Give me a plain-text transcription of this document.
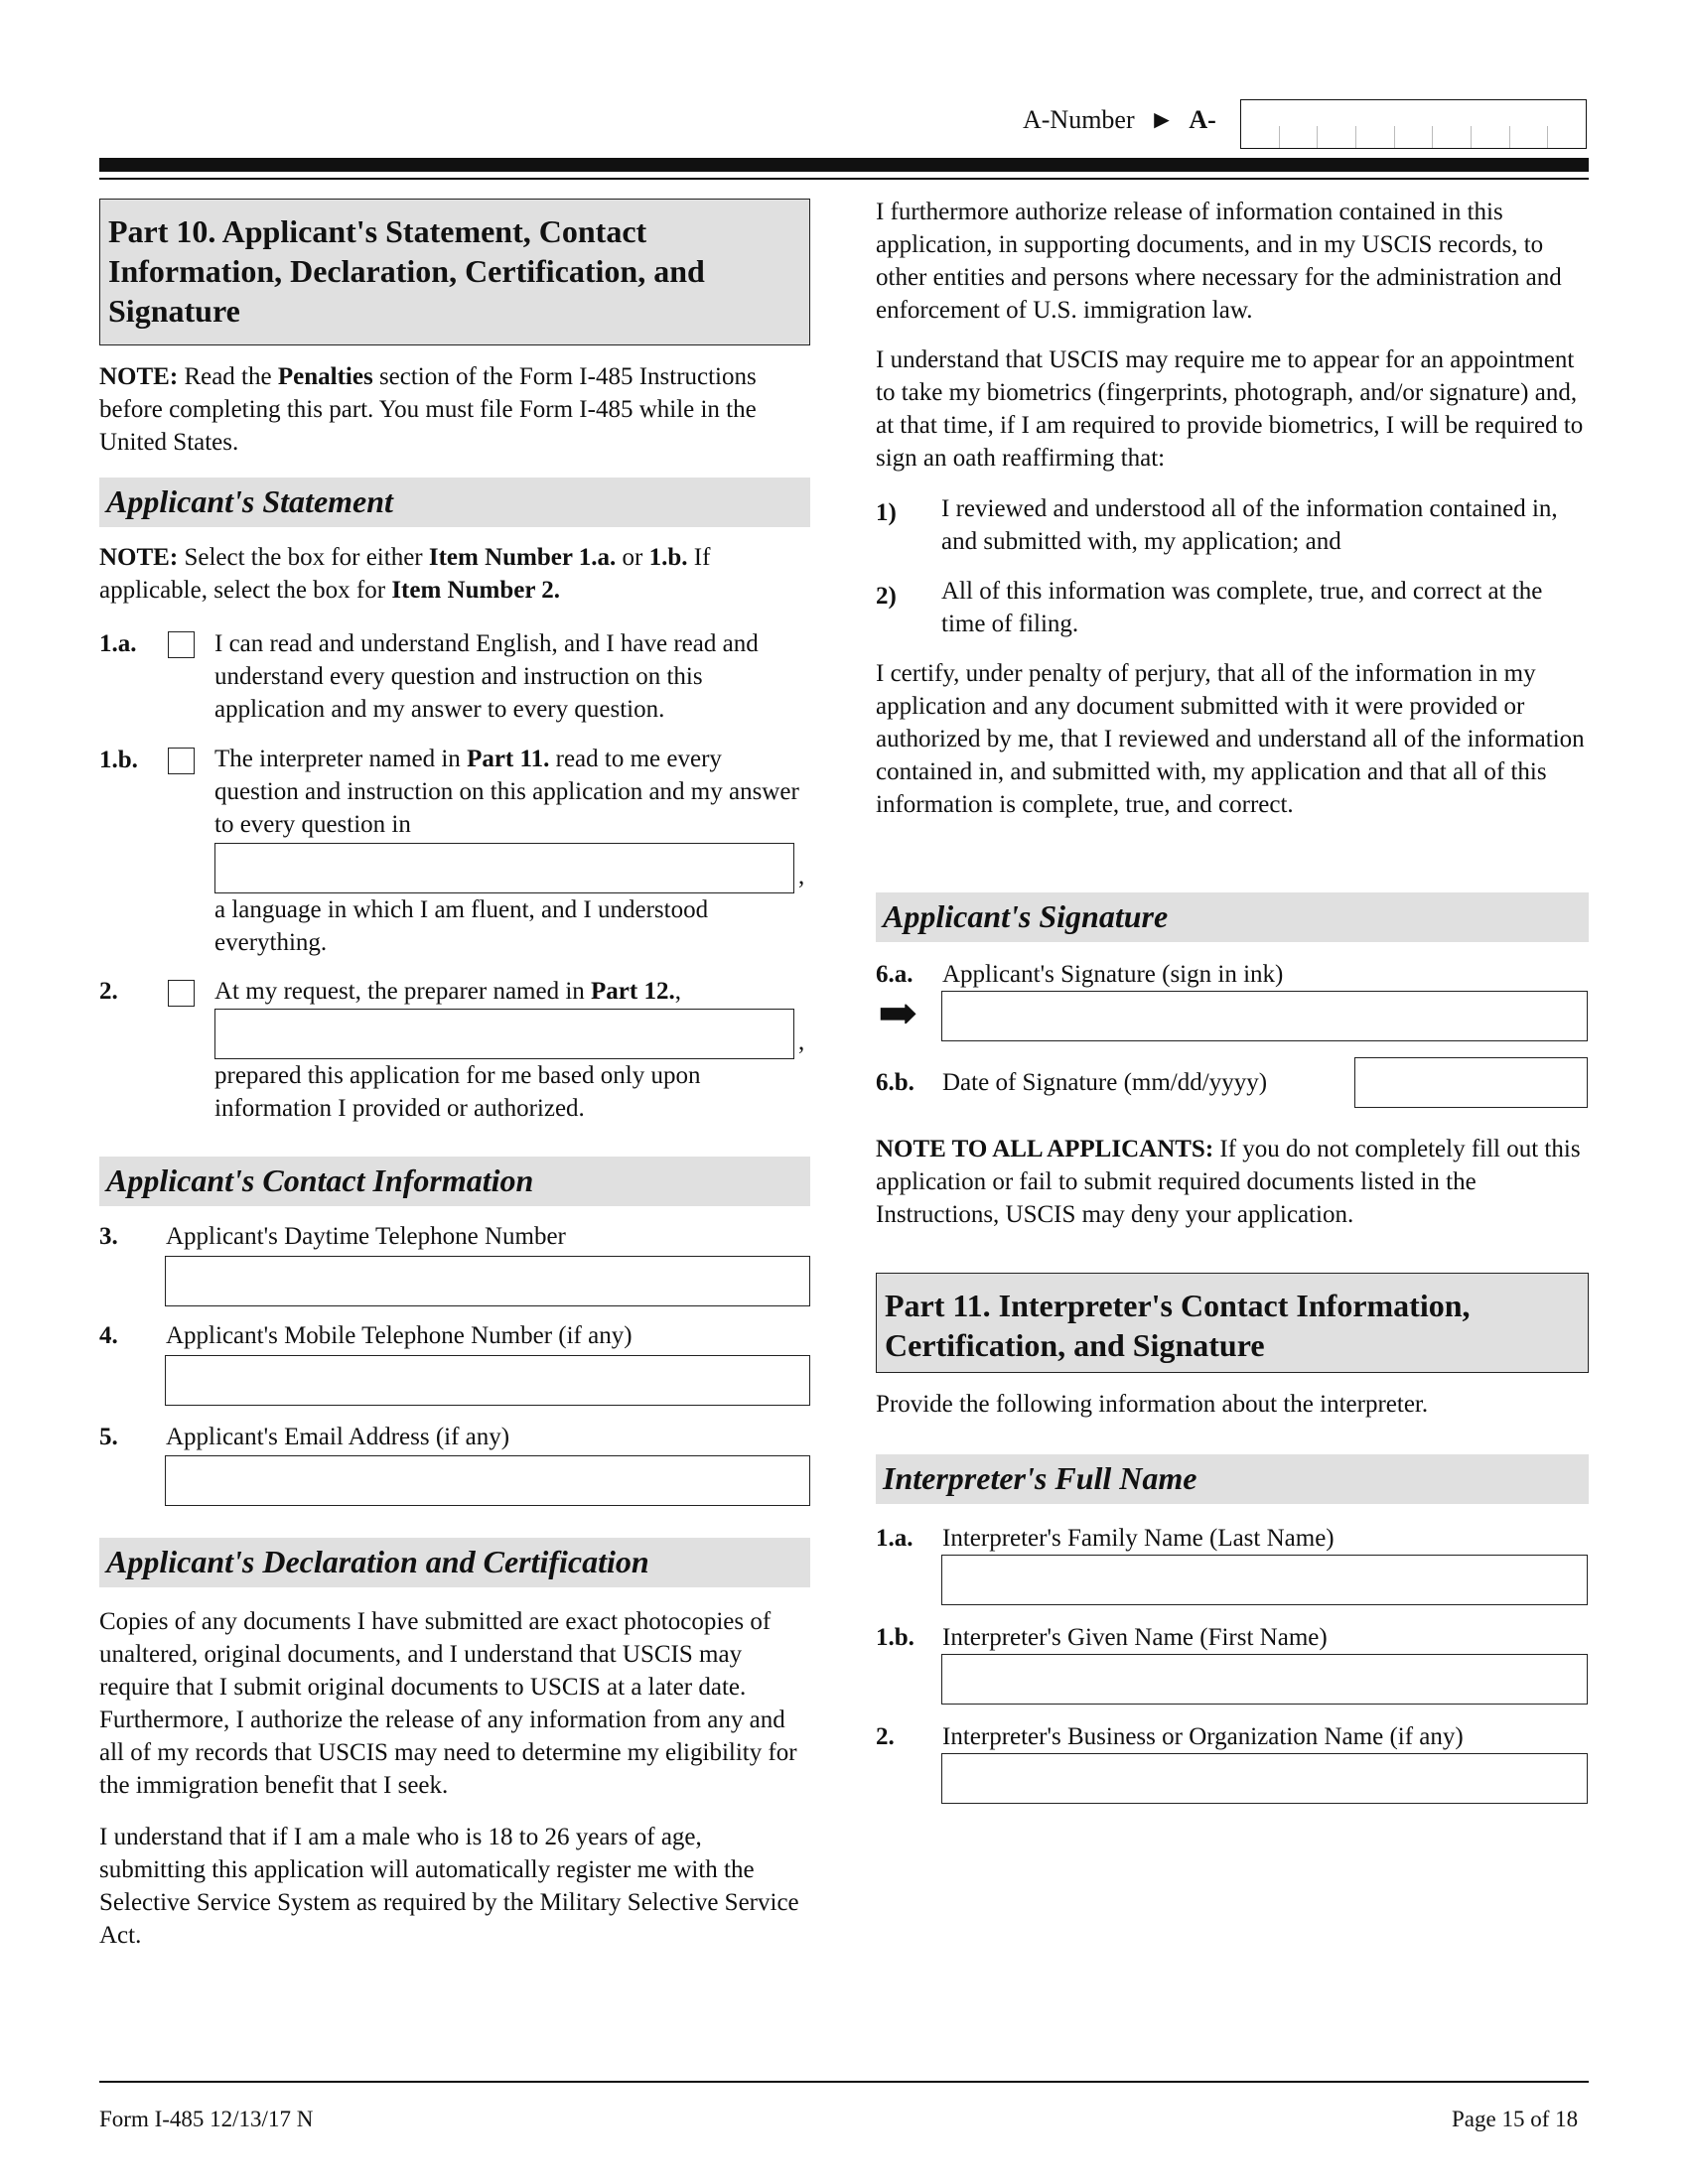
A-Number ► A-
Part 10. Applicant's Statement, Contact Information, Declaration, Certification, and Signature

NOTE: Read the Penalties section of the Form I-485 Instructions before completing this part. You must file Form I-485 while in the United States.

Applicant's Statement

NOTE: Select the box for either Item Number 1.a. or 1.b. If applicable, select the box for Item Number 2.

1.a.	I can read and understand English, and I have read and understand every question and instruction on this application and my answer to every question.

1.b.	The interpreter named in Part 11. read to me every question and instruction on this application and my answer to every question in

,

a language in which I am fluent, and I understood everything.

2.	At my request, the preparer named in Part 12.,

,

prepared this application for me based only upon information I provided or authorized.

Applicant's Contact Information
3. Applicant's Daytime Telephone Number
4. Applicant's Mobile Telephone Number (if any)
5. Applicant's Email Address (if any)
Applicant's Declaration and Certification

Copies of any documents I have submitted are exact photocopies of unaltered, original documents, and I understand that USCIS may require that I submit original documents to USCIS at a later date. Furthermore, I authorize the release of any information from any and all of my records that USCIS may need to determine my eligibility for the immigration benefit that I seek.

I understand that if I am a male who is 18 to 26 years of age, submitting this application will automatically register me with the Selective Service System as required by the Military Selective Service Act.

I furthermore authorize release of information contained in this application, in supporting documents, and in my USCIS records, to other entities and persons where necessary for the administration and enforcement of U.S. immigration law.

I understand that USCIS may require me to appear for an appointment to take my biometrics (fingerprints, photograph, and/or signature) and, at that time, if I am required to provide biometrics, I will be required to sign an oath reaffirming that:

1) I reviewed and understood all of the information contained in, and submitted with, my application; and

2) All of this information was complete, true, and correct at the time of filing.

I certify, under penalty of perjury, that all of the information in my application and any document submitted with it were provided or authorized by me, that I reviewed and understand all of the information contained in, and submitted with, my application and that all of this information is complete, true, and correct.

Applicant's Signature
6.a. Applicant's Signature (sign in ink)
➡
6.b. Date of Signature (mm/dd/yyyy)

NOTE TO ALL APPLICANTS: If you do not completely fill out this application or fail to submit required documents listed in the Instructions, USCIS may deny your application.

Part 11. Interpreter's Contact Information, Certification, and Signature

Provide the following information about the interpreter.

Interpreter's Full Name
1.a. Interpreter's Family Name (Last Name)
1.b. Interpreter's Given Name (First Name)
2. Interpreter's Business or Organization Name (if any)
Form I-485 12/13/17 N	Page 15 of 18
